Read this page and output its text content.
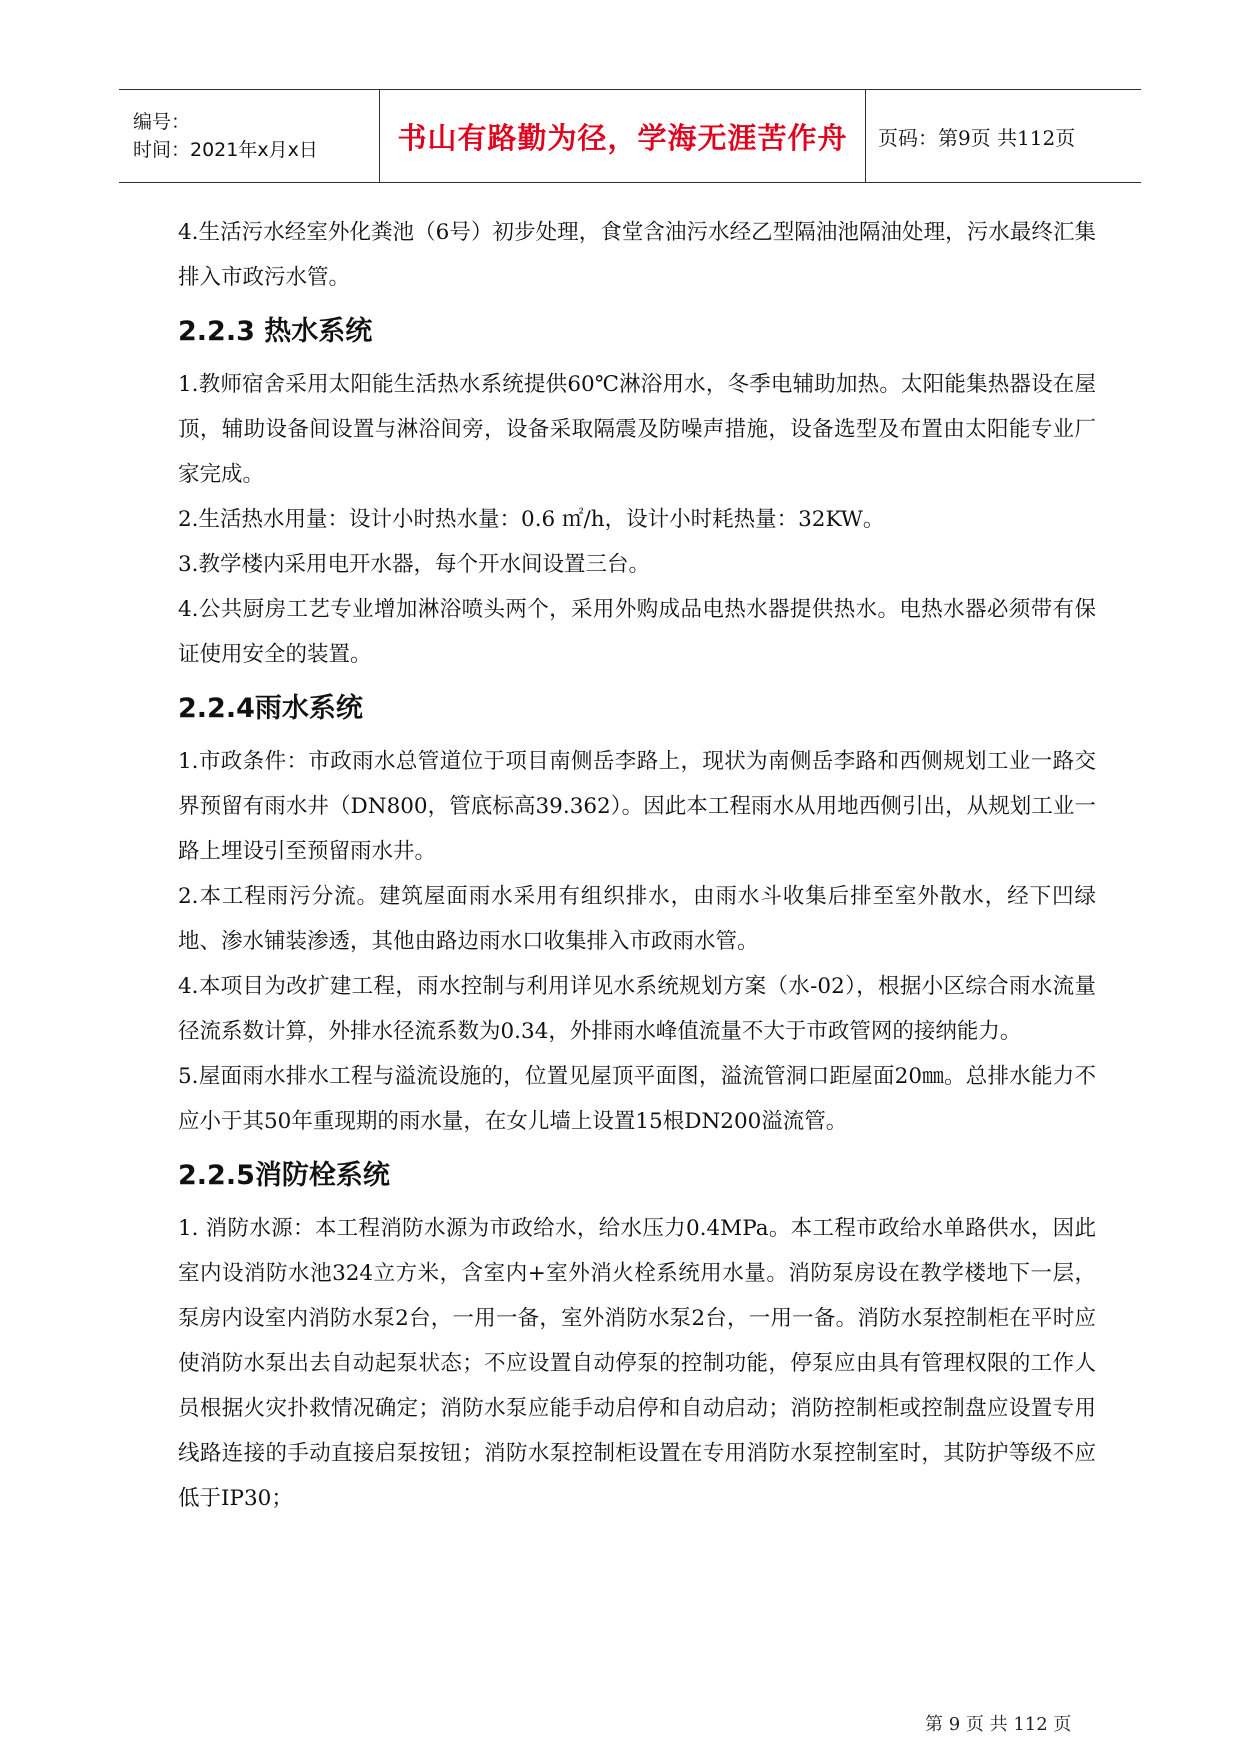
编号：
时间：2021年x月x日	书山有路勤为径，学海无涯苦作舟 页码：第9页 共112页

4.生活污水经室外化粪池（6号）初步处理，食堂含油污水经乙型隔油池隔油处理，污水最终汇集排入市政污水管。

2.2.3 热水系统

1.教师宿舍采用太阳能生活热水系统提供60℃淋浴用水，冬季电辅助加热。太阳能集热器设在屋顶，辅助设备间设置与淋浴间旁，设备采取隔震及防噪声措施，设备选型及布置由太阳能专业厂家完成。

2.生活热水用量：设计小时热水量：0.6 ㎡/h，设计小时耗热量：32KW。

3.教学楼内采用电开水器，每个开水间设置三台。

4.公共厨房工艺专业增加淋浴喷头两个，采用外购成品电热水器提供热水。电热水器必须带有保证使用安全的装置。

2.2.4雨水系统

1.市政条件：市政雨水总管道位于项目南侧岳李路上，现状为南侧岳李路和西侧规划工业一路交界预留有雨水井（DN800，管底标高39.362）。因此本工程雨水从用地西侧引出，从规划工业一路上埋设引至预留雨水井。

2.本工程雨污分流。建筑屋面雨水采用有组织排水，由雨水斗收集后排至室外散水，经下凹绿地、渗水铺装渗透，其他由路边雨水口收集排入市政雨水管。

4.本项目为改扩建工程，雨水控制与利用详见水系统规划方案（水-02），根据小区综合雨水流量径流系数计算，外排水径流系数为0.34，外排雨水峰值流量不大于市政管网的接纳能力。

5.屋面雨水排水工程与溢流设施的，位置见屋顶平面图，溢流管洞口距屋面20㎜。总排水能力不应小于其50年重现期的雨水量，在女儿墙上设置15根DN200溢流管。

2.2.5消防栓系统

1. 消防水源：本工程消防水源为市政给水，给水压力0.4MPa。本工程市政给水单路供水，因此室内设消防水池324立方米，含室内+室外消火栓系统用水量。消防泵房设在教学楼地下一层，泵房内设室内消防水泵2台，一用一备，室外消防水泵2台，一用一备。消防水泵控制柜在平时应使消防水泵出去自动起泵状态；不应设置自动停泵的控制功能，停泵应由具有管理权限的工作人员根据火灾扑救情况确定；消防水泵应能手动启停和自动启动；消防控制柜或控制盘应设置专用线路连接的手动直接启泵按钮；消防水泵控制柜设置在专用消防水泵控制室时，其防护等级不应低于IP30；

第 9 页 共 112 页
